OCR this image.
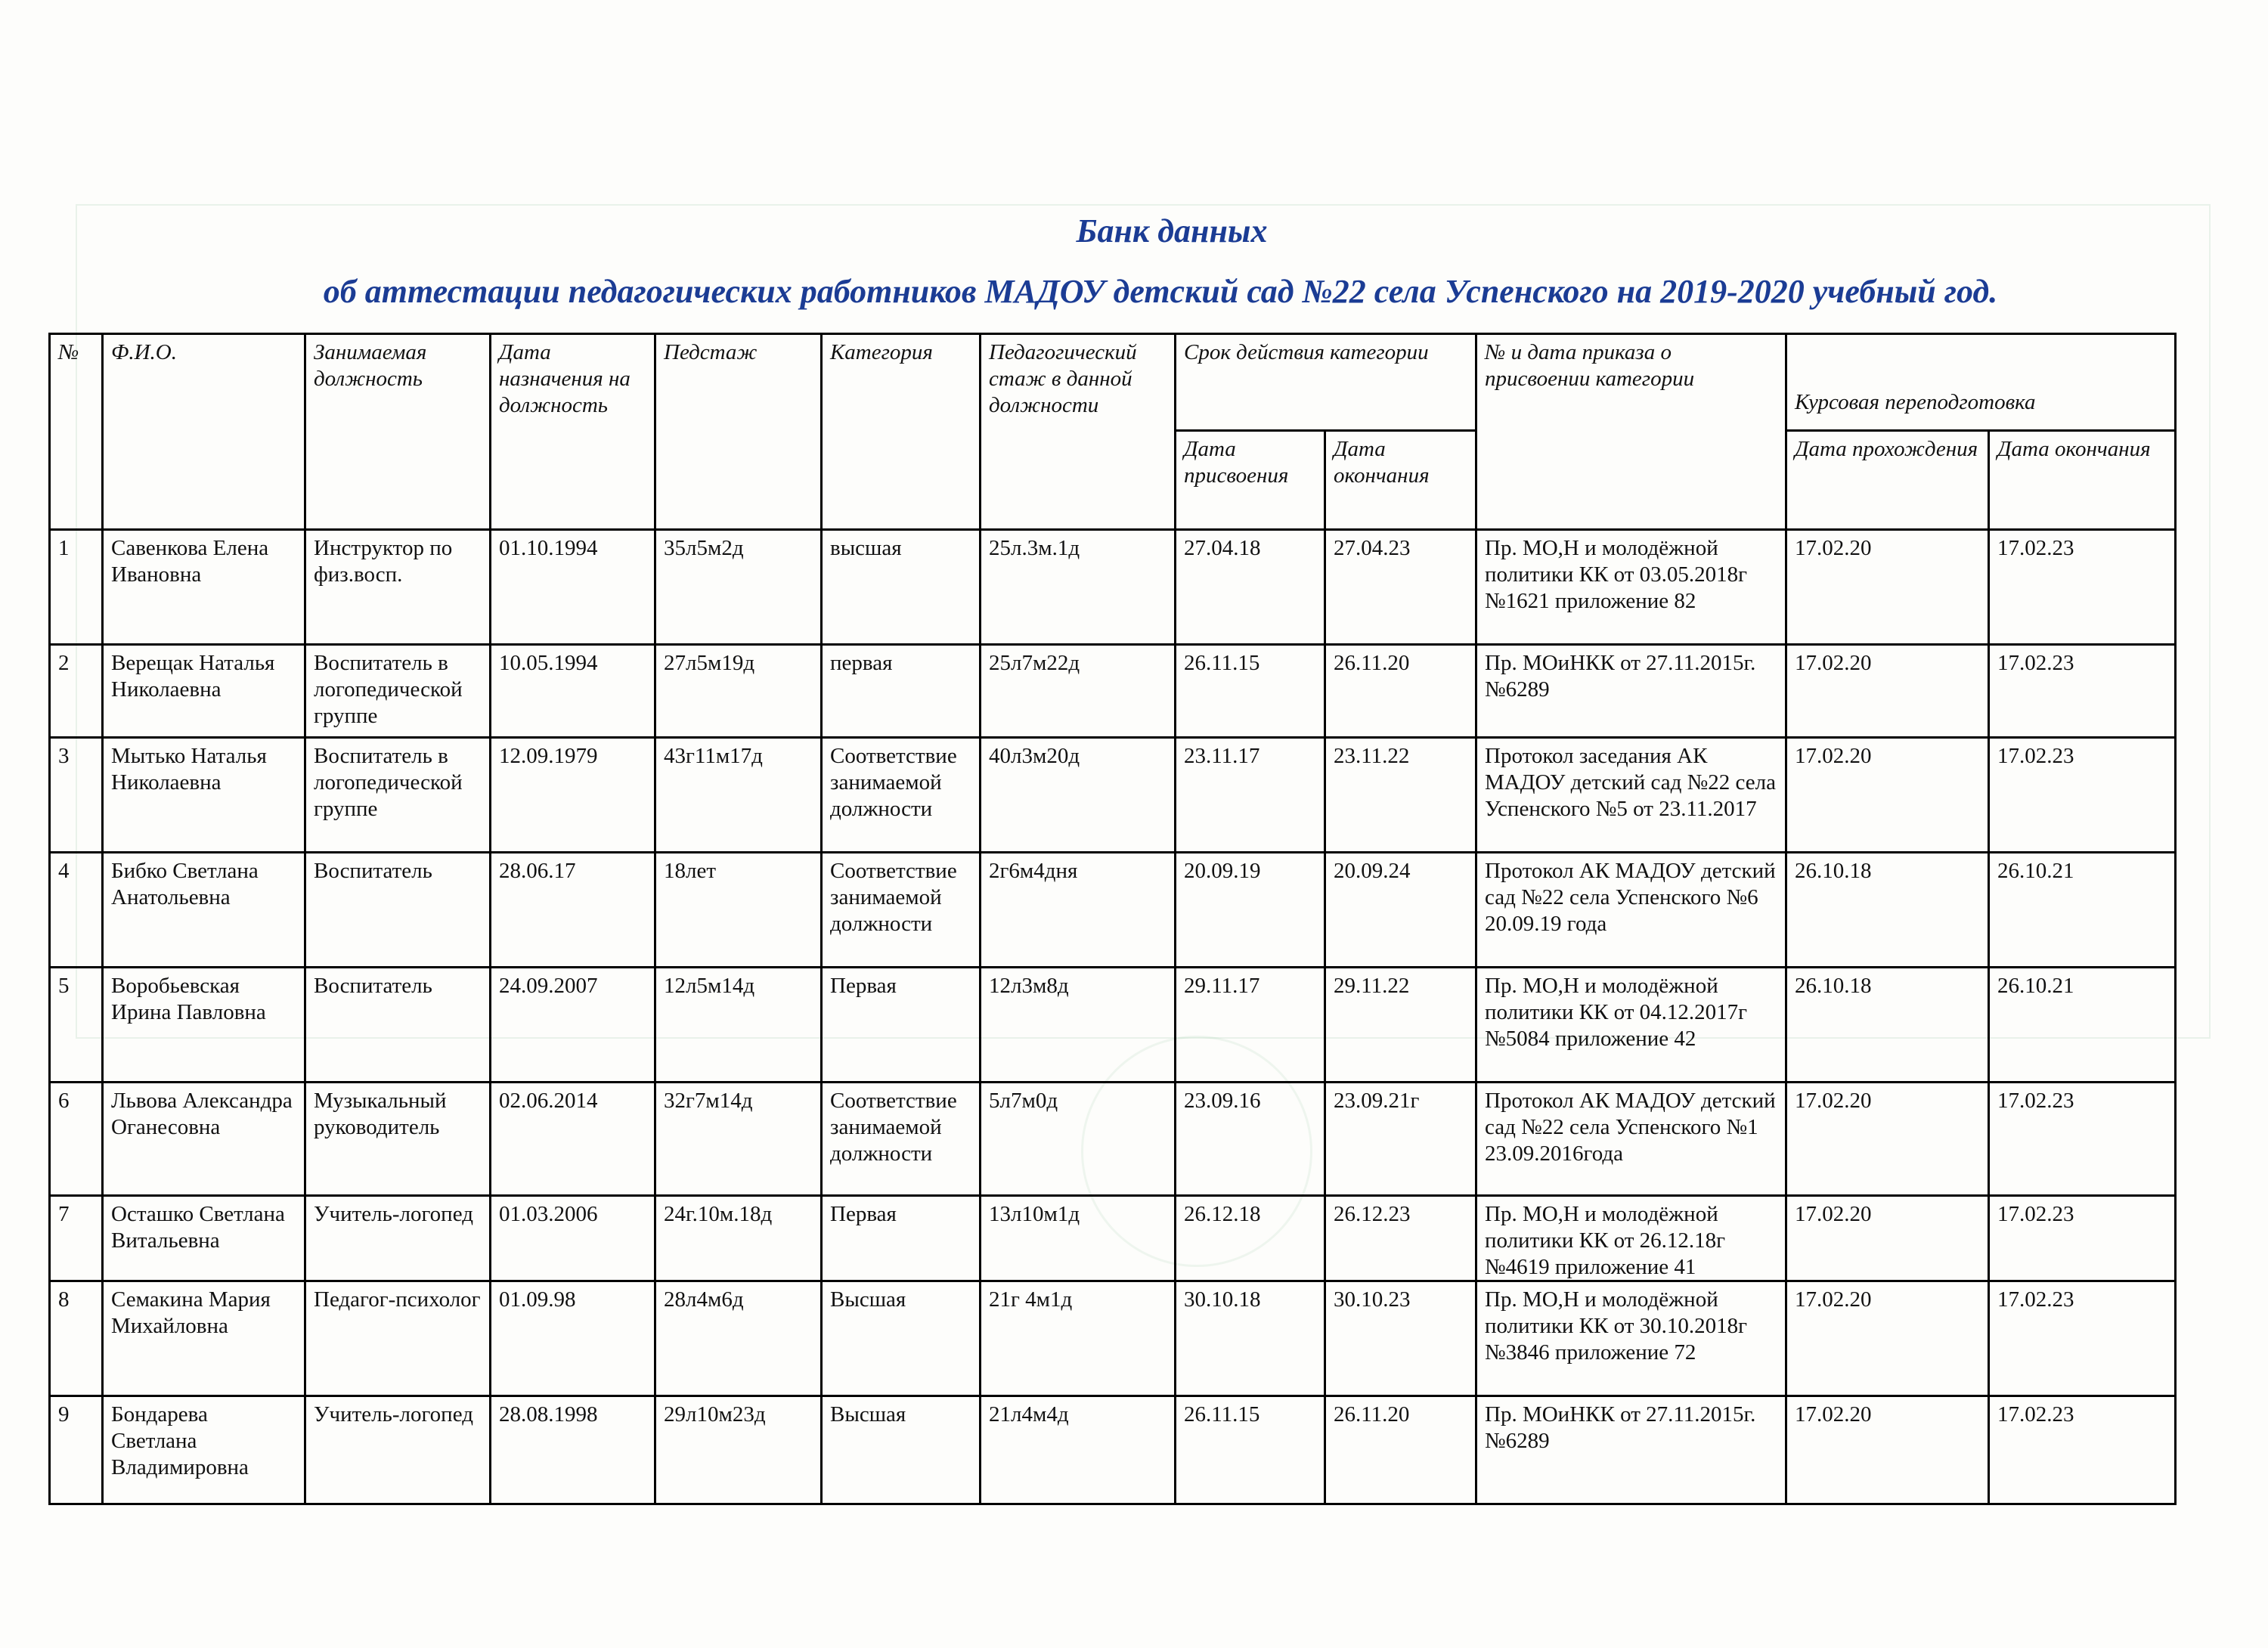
Банк данных
об аттестации педагогических работников МАДОУ детский сад №22 села Успенского на 2019-2020 учебный год.
№	Ф.И.О.	Занимаемая должность	Дата назначения на должность	Педстаж	Категория	Педагогический стаж в данной должности	Срок действия категории		№ и дата приказа о присвоении категории	Курсовая переподготовка	
							Дата присвоения	Дата окончания		Дата прохождения	Дата окончания
1	Савенкова Елена Ивановна	Инструктор по физ.восп.	01.10.1994	35л5м2д	высшая	25л.3м.1д	27.04.18	27.04.23	Пр. МО,Н и молодёжной политики КК от 03.05.2018г №1621 приложение 82	17.02.20	17.02.23
2	Верещак Наталья Николаевна	Воспитатель в логопедической группе	10.05.1994	27л5м19д	первая	25л7м22д	26.11.15	26.11.20	Пр. МОиНКК от 27.11.2015г. №6289	17.02.20	17.02.23
3	Мытько Наталья Николаевна	Воспитатель в логопедической группе	12.09.1979	43г11м17д	Соответствие занимаемой должности	40л3м20д	23.11.17	23.11.22	Протокол заседания АК МАДОУ детский сад №22 села Успенского №5 от 23.11.2017	17.02.20	17.02.23
4	Бибко Светлана Анатольевна	Воспитатель	28.06.17	18лет	Соответствие занимаемой должности	2г6м4дня	20.09.19	20.09.24	Протокол АК МАДОУ детский сад №22 села Успенского №6 20.09.19 года	26.10.18	26.10.21
5	Воробьевская Ирина Павловна	Воспитатель	24.09.2007	12л5м14д	Первая	12л3м8д	29.11.17	29.11.22	Пр. МО,Н и молодёжной политики КК от 04.12.2017г №5084 приложение 42	26.10.18	26.10.21
6	Львова Александра Оганесовна	Музыкальный руководитель	02.06.2014	32г7м14д	Соответствие занимаемой должности	5л7м0д	23.09.16	23.09.21г	Протокол АК МАДОУ детский сад №22 села Успенского №1 23.09.2016года	17.02.20	17.02.23
7	Осташко Светлана Витальевна	Учитель-логопед	01.03.2006	24г.10м.18д	Первая	13л10м1д	26.12.18	26.12.23	Пр. МО,Н и молодёжной политики КК от 26.12.18г №4619 приложение 41	17.02.20	17.02.23
8	Семакина Мария Михайловна	Педагог-психолог	01.09.98	28л4м6д	Высшая	21г 4м1д	30.10.18	30.10.23	Пр. МО,Н и молодёжной политики КК от 30.10.2018г №3846 приложение 72	17.02.20	17.02.23
9	Бондарева Светлана Владимировна	Учитель-логопед	28.08.1998	29л10м23д	Высшая	21л4м4д	26.11.15	26.11.20	Пр. МОиНКК от 27.11.2015г. №6289	17.02.20	17.02.23
